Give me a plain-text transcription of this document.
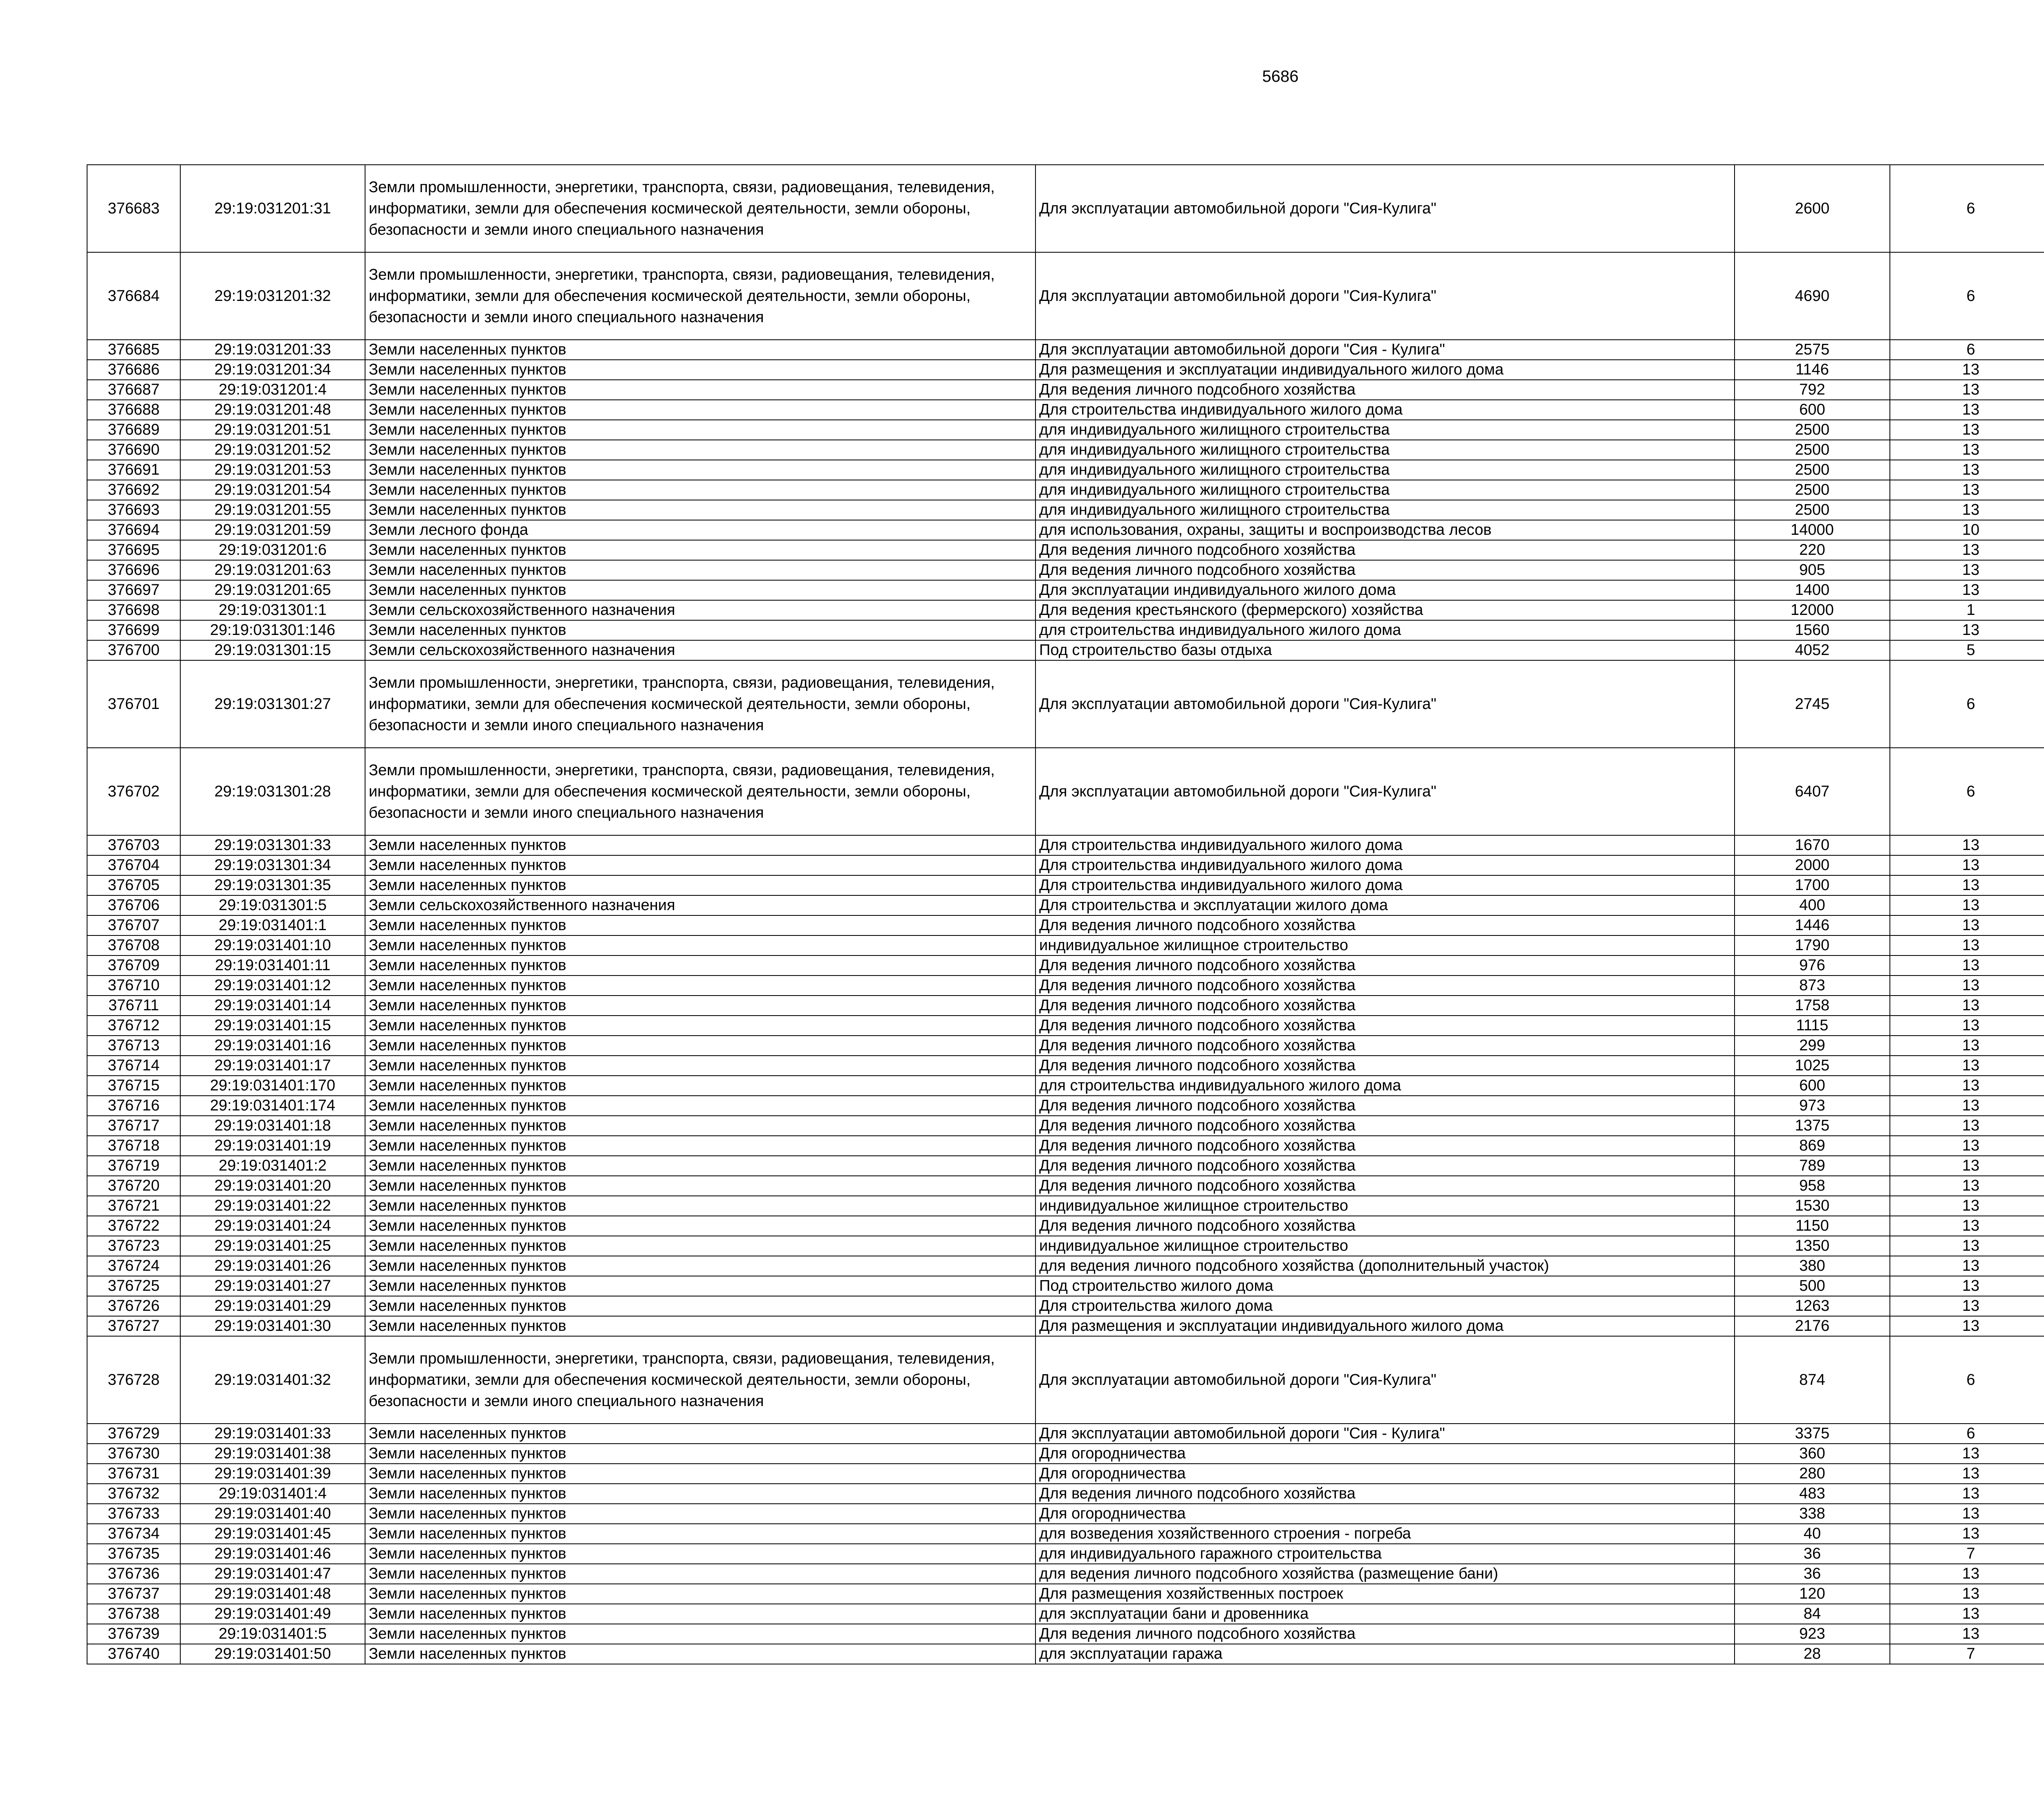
5686
376683	29:19:031201:31	Земли промышленности, энергетики, транспорта, связи, радиовещания, телевидения, информатики, земли для обеспечения космической деятельности, земли обороны, безопасности и земли иного специального назначения	Для эксплуатации автомобильной дороги "Сия-Кулига"	2600	6		
376684	29:19:031201:32	Земли промышленности, энергетики, транспорта, связи, радиовещания, телевидения, информатики, земли для обеспечения космической деятельности, земли обороны, безопасности и земли иного специального назначения	Для эксплуатации автомобильной дороги "Сия-Кулига"	4690	6		
376685	29:19:031201:33	Земли населенных пунктов	Для эксплуатации автомобильной дороги "Сия - Кулига"	2575	6		
376686	29:19:031201:34	Земли населенных пунктов	Для размещения и эксплуатации индивидуального жилого дома	1146	13		
376687	29:19:031201:4	Земли населенных пунктов	Для ведения личного подсобного хозяйства	792	13		
376688	29:19:031201:48	Земли населенных пунктов	Для строительства индивидуального жилого дома	600	13		
376689	29:19:031201:51	Земли населенных пунктов	для индивидуального жилищного строительства	2500	13		
376690	29:19:031201:52	Земли населенных пунктов	для индивидуального жилищного строительства	2500	13		
376691	29:19:031201:53	Земли населенных пунктов	для индивидуального жилищного строительства	2500	13		
376692	29:19:031201:54	Земли населенных пунктов	для индивидуального жилищного строительства	2500	13		
376693	29:19:031201:55	Земли населенных пунктов	для индивидуального жилищного строительства	2500	13		
376694	29:19:031201:59	Земли лесного фонда	для использования, охраны, защиты и воспроизводства лесов	14000	10		
376695	29:19:031201:6	Земли населенных пунктов	Для ведения личного подсобного хозяйства	220	13		
376696	29:19:031201:63	Земли населенных пунктов	Для ведения личного подсобного хозяйства	905	13		
376697	29:19:031201:65	Земли населенных пунктов	Для эксплуатации индивидуального жилого дома	1400	13		
376698	29:19:031301:1	Земли сельскохозяйственного назначения	Для ведения крестьянского (фермерского) хозяйства	12000	1		
376699	29:19:031301:146	Земли населенных пунктов	для строительства индивидуального жилого дома	1560	13		
376700	29:19:031301:15	Земли сельскохозяйственного назначения	Под строительство базы отдыха	4052	5		
376701	29:19:031301:27	Земли промышленности, энергетики, транспорта, связи, радиовещания, телевидения, информатики, земли для обеспечения космической деятельности, земли обороны, безопасности и земли иного специального назначения	Для эксплуатации автомобильной дороги "Сия-Кулига"	2745	6		
376702	29:19:031301:28	Земли промышленности, энергетики, транспорта, связи, радиовещания, телевидения, информатики, земли для обеспечения космической деятельности, земли обороны, безопасности и земли иного специального назначения	Для эксплуатации автомобильной дороги "Сия-Кулига"	6407	6		
376703	29:19:031301:33	Земли населенных пунктов	Для строительства индивидуального жилого дома	1670	13		
376704	29:19:031301:34	Земли населенных пунктов	Для строительства индивидуального жилого дома	2000	13		
376705	29:19:031301:35	Земли населенных пунктов	Для строительства индивидуального жилого дома	1700	13		
376706	29:19:031301:5	Земли сельскохозяйственного назначения	Для строительства и эксплуатации жилого дома	400	13		
376707	29:19:031401:1	Земли населенных пунктов	Для ведения личного подсобного хозяйства	1446	13		
376708	29:19:031401:10	Земли населенных пунктов	индивидуальное жилищное строительство	1790	13		
376709	29:19:031401:11	Земли населенных пунктов	Для ведения личного подсобного хозяйства	976	13		
376710	29:19:031401:12	Земли населенных пунктов	Для ведения личного подсобного хозяйства	873	13		
376711	29:19:031401:14	Земли населенных пунктов	Для ведения личного подсобного хозяйства	1758	13		
376712	29:19:031401:15	Земли населенных пунктов	Для ведения личного подсобного хозяйства	1115	13		
376713	29:19:031401:16	Земли населенных пунктов	Для ведения личного подсобного хозяйства	299	13		
376714	29:19:031401:17	Земли населенных пунктов	Для ведения личного подсобного хозяйства	1025	13		
376715	29:19:031401:170	Земли населенных пунктов	для строительства индивидуального жилого дома	600	13		
376716	29:19:031401:174	Земли населенных пунктов	Для ведения личного подсобного хозяйства	973	13		
376717	29:19:031401:18	Земли населенных пунктов	Для ведения личного подсобного хозяйства	1375	13		
376718	29:19:031401:19	Земли населенных пунктов	Для ведения личного подсобного хозяйства	869	13		
376719	29:19:031401:2	Земли населенных пунктов	Для ведения личного подсобного хозяйства	789	13		
376720	29:19:031401:20	Земли населенных пунктов	Для ведения личного подсобного хозяйства	958	13		
376721	29:19:031401:22	Земли населенных пунктов	индивидуальное жилищное строительство	1530	13		
376722	29:19:031401:24	Земли населенных пунктов	Для ведения личного подсобного хозяйства	1150	13		
376723	29:19:031401:25	Земли населенных пунктов	индивидуальное жилищное строительство	1350	13		
376724	29:19:031401:26	Земли населенных пунктов	для ведения личного подсобного хозяйства (дополнительный участок)	380	13		
376725	29:19:031401:27	Земли населенных пунктов	Под строительство жилого дома	500	13		
376726	29:19:031401:29	Земли населенных пунктов	Для строительства жилого дома	1263	13		
376727	29:19:031401:30	Земли населенных пунктов	Для размещения и эксплуатации индивидуального жилого дома	2176	13		
376728	29:19:031401:32	Земли промышленности, энергетики, транспорта, связи, радиовещания, телевидения, информатики, земли для обеспечения космической деятельности, земли обороны, безопасности и земли иного специального назначения	Для эксплуатации автомобильной дороги "Сия-Кулига"	874	6		
376729	29:19:031401:33	Земли населенных пунктов	Для эксплуатации автомобильной дороги "Сия - Кулига"	3375	6		
376730	29:19:031401:38	Земли населенных пунктов	Для огородничества	360	13		
376731	29:19:031401:39	Земли населенных пунктов	Для огородничества	280	13		
376732	29:19:031401:4	Земли населенных пунктов	Для ведения личного подсобного хозяйства	483	13		
376733	29:19:031401:40	Земли населенных пунктов	Для огородничества	338	13		
376734	29:19:031401:45	Земли населенных пунктов	для возведения хозяйственного строения - погреба	40	13		
376735	29:19:031401:46	Земли населенных пунктов	для индивидуального гаражного строительства	36	7		
376736	29:19:031401:47	Земли населенных пунктов	для ведения личного подсобного хозяйства (размещение бани)	36	13		
376737	29:19:031401:48	Земли населенных пунктов	Для размещения хозяйственных построек	120	13		
376738	29:19:031401:49	Земли населенных пунктов	для эксплуатации бани и дровенника	84	13		
376739	29:19:031401:5	Земли населенных пунктов	Для ведения личного подсобного хозяйства	923	13		
376740	29:19:031401:50	Земли населенных пунктов	для эксплуатации гаража	28	7		
